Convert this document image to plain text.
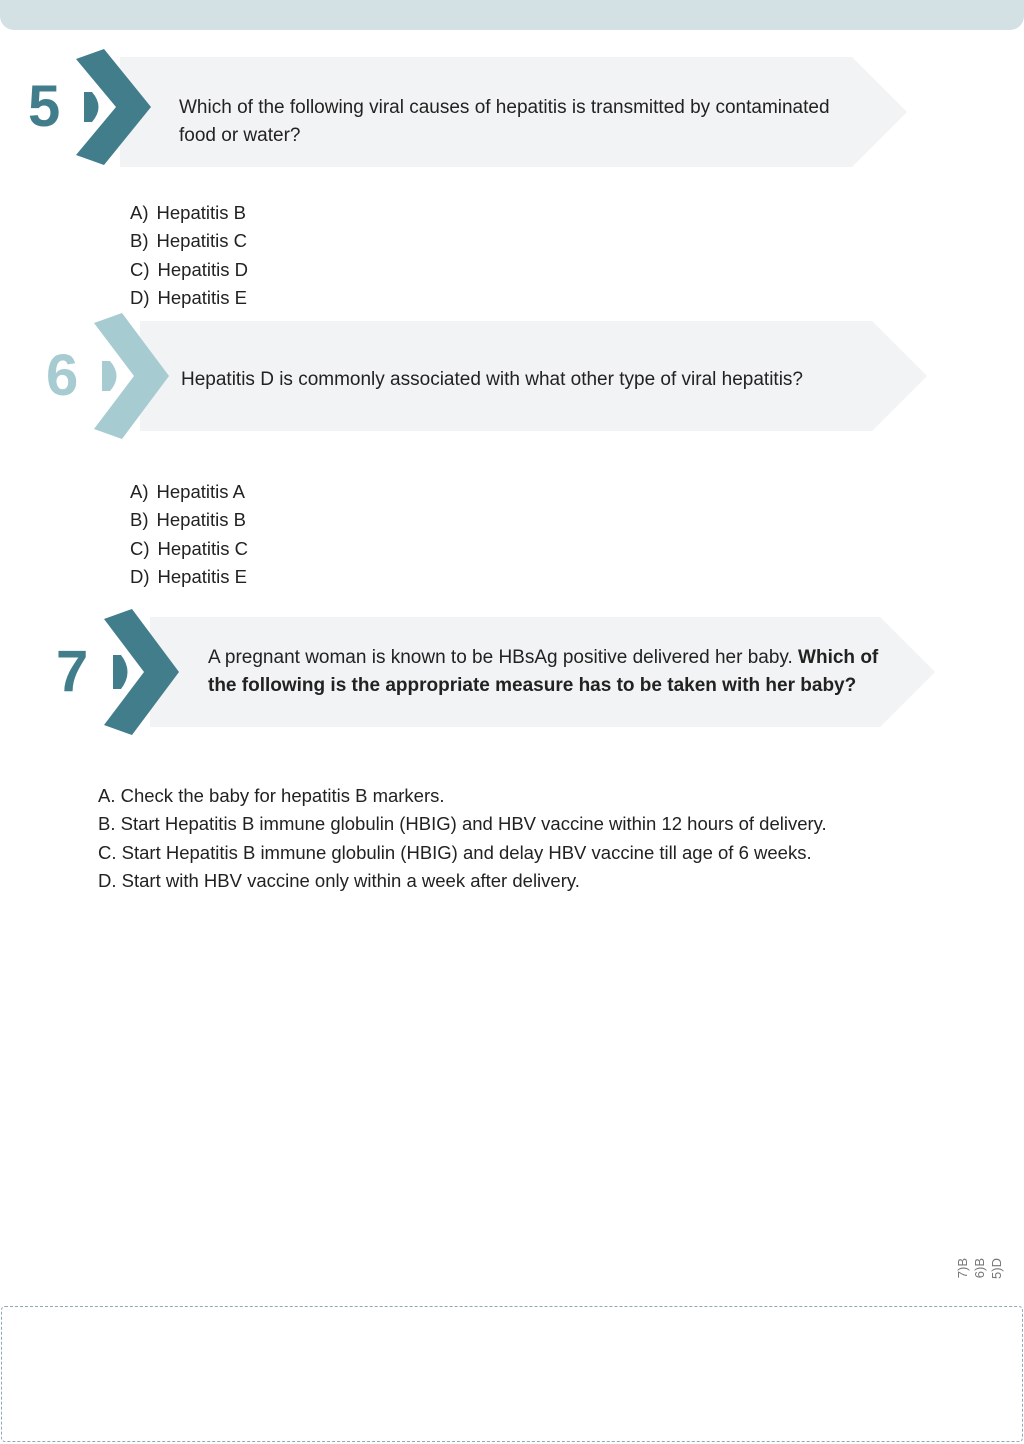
5	Which of the following viral causes of hepatitis is transmitted by contaminated food or water?
A) Hepatitis B
B) Hepatitis C
C) Hepatitis D
D) Hepatitis E
6	Hepatitis D is commonly associated with what other type of viral hepatitis?
A) Hepatitis A
B) Hepatitis B
C) Hepatitis C
D) Hepatitis E
7	A pregnant woman is known to be HBsAg positive delivered her baby. Which of the following is the appropriate measure has to be taken with her baby?
A. Check the baby for hepatitis B markers.
B. Start Hepatitis B immune globulin (HBIG) and HBV vaccine within 12 hours of delivery.
C. Start Hepatitis B immune globulin (HBIG) and delay HBV vaccine till age of 6 weeks.
D. Start with HBV vaccine only within a week after delivery.
5)D
6)B
7)B
